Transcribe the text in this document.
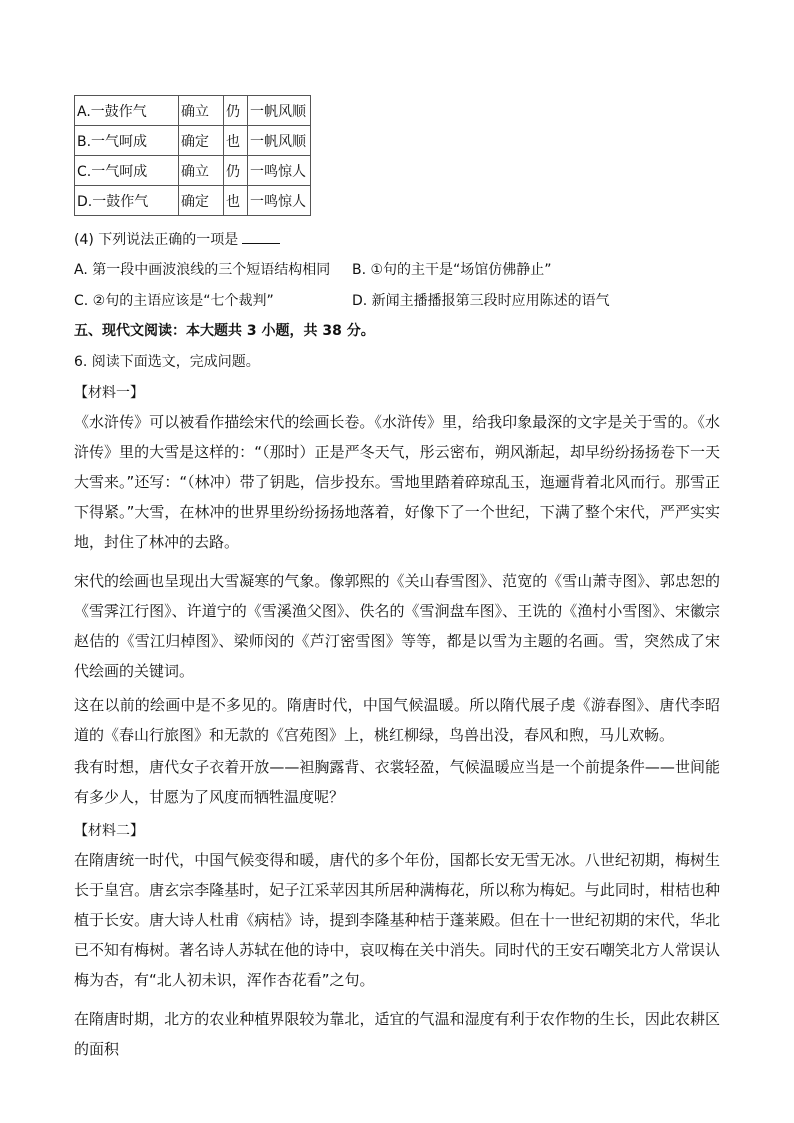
A.一鼓作气	确立	仍	一帆风顺
B.一气呵成	确定	也	一帆风顺
C.一气呵成	确立	仍	一鸣惊人
D.一鼓作气	确定	也	一鸣惊人
(4) 下列说法正确的一项是
A. 第一段中画波浪线的三个短语结构相同 B. ①句的主干是“场馆仿佛静止”
C. ②句的主语应该是“七个裁判”	D. 新闻主播播报第三段时应用陈述的语气
五、现代文阅读：本大题共 3 小题，共 38 分。
6. 阅读下面选文，完成问题。
【材料一】
《水浒传》可以被看作描绘宋代的绘画长卷。《水浒传》里，给我印象最深的文字是关于雪的。《水浒传》里的大雪是这样的：“（那时）正是严冬天气，彤云密布，朔风渐起，却早纷纷扬扬卷下一天大雪来。”还写：“（林冲）带了钥匙，信步投东。雪地里踏着碎琼乱玉，迤逦背着北风而行。那雪正下得紧。”大雪，在林冲的世界里纷纷扬扬地落着，好像下了一个世纪，下满了整个宋代，严严实实地，封住了林冲的去路。
宋代的绘画也呈现出大雪凝寒的气象。像郭熙的《关山春雪图》、范宽的《雪山萧寺图》、郭忠恕的《雪霁江行图》、许道宁的《雪溪渔父图》、佚名的《雪涧盘车图》、王诜的《渔村小雪图》、宋徽宗赵佶的《雪江归棹图》、梁师闵的《芦汀密雪图》等等，都是以雪为主题的名画。雪，突然成了宋代绘画的关键词。
这在以前的绘画中是不多见的。隋唐时代，中国气候温暖。所以隋代展子虔《游春图》、唐代李昭道的《春山行旅图》和无款的《宫苑图》上，桃红柳绿，鸟兽出没，春风和煦，马儿欢畅。
我有时想，唐代女子衣着开放——袒胸露背、衣裳轻盈，气候温暖应当是一个前提条件——世间能有多少人，甘愿为了风度而牺牲温度呢？
【材料二】
在隋唐统一时代，中国气候变得和暖，唐代的多个年份，国都长安无雪无冰。八世纪初期，梅树生长于皇宫。唐玄宗李隆基时，妃子江采苹因其所居种满梅花，所以称为梅妃。与此同时，柑桔也种植于长安。唐大诗人杜甫《病桔》诗，提到李隆基种桔于蓬莱殿。但在十一世纪初期的宋代，华北已不知有梅树。著名诗人苏轼在他的诗中，哀叹梅在关中消失。同时代的王安石嘲笑北方人常误认梅为杏，有“北人初未识，浑作杏花看”之句。
在隋唐时期，北方的农业种植界限较为靠北，适宜的气温和湿度有利于农作物的生长，因此农耕区的面积
